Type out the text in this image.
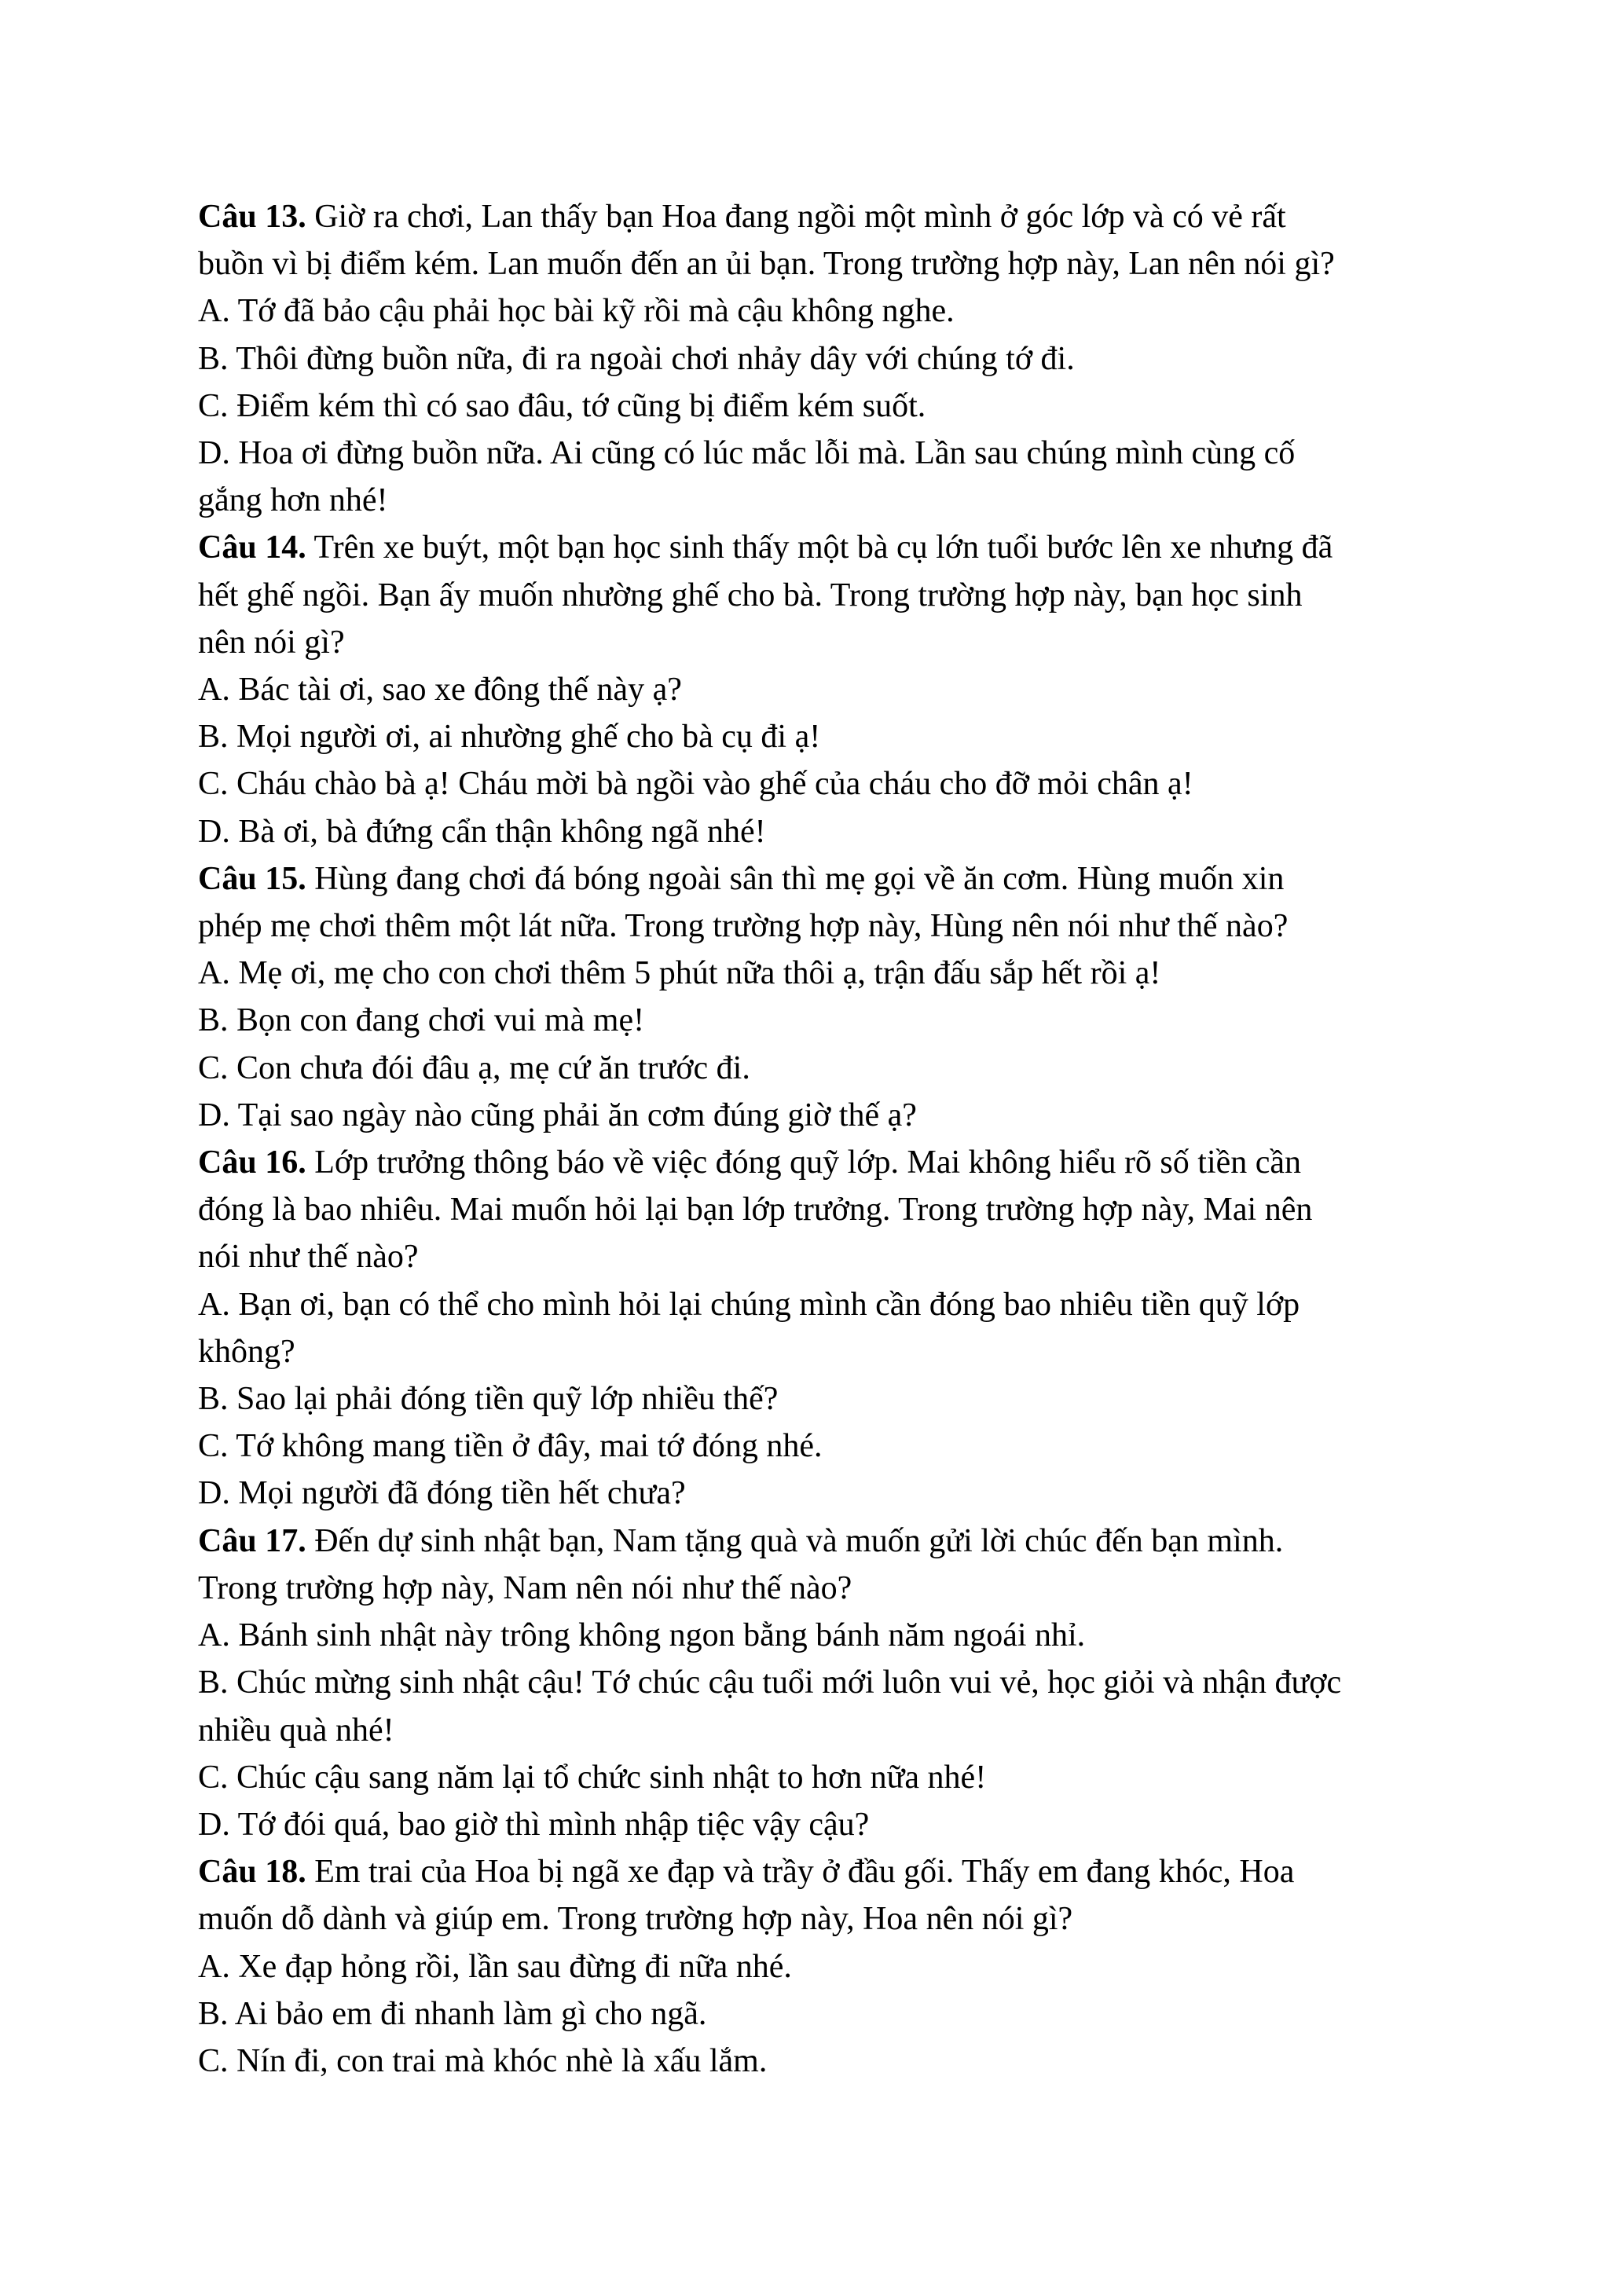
Câu 13. Giờ ra chơi, Lan thấy bạn Hoa đang ngồi một mình ở góc lớp và có vẻ rất
buồn vì bị điểm kém. Lan muốn đến an ủi bạn. Trong trường hợp này, Lan nên nói gì?
A. Tớ đã bảo cậu phải học bài kỹ rồi mà cậu không nghe.
B. Thôi đừng buồn nữa, đi ra ngoài chơi nhảy dây với chúng tớ đi.
C. Điểm kém thì có sao đâu, tớ cũng bị điểm kém suốt.
D. Hoa ơi đừng buồn nữa. Ai cũng có lúc mắc lỗi mà. Lần sau chúng mình cùng cố
gắng hơn nhé!
Câu 14. Trên xe buýt, một bạn học sinh thấy một bà cụ lớn tuổi bước lên xe nhưng đã
hết ghế ngồi. Bạn ấy muốn nhường ghế cho bà. Trong trường hợp này, bạn học sinh
nên nói gì?
A. Bác tài ơi, sao xe đông thế này ạ?
B. Mọi người ơi, ai nhường ghế cho bà cụ đi ạ!
C. Cháu chào bà ạ! Cháu mời bà ngồi vào ghế của cháu cho đỡ mỏi chân ạ!
D. Bà ơi, bà đứng cẩn thận không ngã nhé!
Câu 15. Hùng đang chơi đá bóng ngoài sân thì mẹ gọi về ăn cơm. Hùng muốn xin
phép mẹ chơi thêm một lát nữa. Trong trường hợp này, Hùng nên nói như thế nào?
A. Mẹ ơi, mẹ cho con chơi thêm 5 phút nữa thôi ạ, trận đấu sắp hết rồi ạ!
B. Bọn con đang chơi vui mà mẹ!
C. Con chưa đói đâu ạ, mẹ cứ ăn trước đi.
D. Tại sao ngày nào cũng phải ăn cơm đúng giờ thế ạ?
Câu 16. Lớp trưởng thông báo về việc đóng quỹ lớp. Mai không hiểu rõ số tiền cần
đóng là bao nhiêu. Mai muốn hỏi lại bạn lớp trưởng. Trong trường hợp này, Mai nên
nói như thế nào?
A. Bạn ơi, bạn có thể cho mình hỏi lại chúng mình cần đóng bao nhiêu tiền quỹ lớp
không?
B. Sao lại phải đóng tiền quỹ lớp nhiều thế?
C. Tớ không mang tiền ở đây, mai tớ đóng nhé.
D. Mọi người đã đóng tiền hết chưa?
Câu 17. Đến dự sinh nhật bạn, Nam tặng quà và muốn gửi lời chúc đến bạn mình.
Trong trường hợp này, Nam nên nói như thế nào?
A. Bánh sinh nhật này trông không ngon bằng bánh năm ngoái nhỉ.
B. Chúc mừng sinh nhật cậu! Tớ chúc cậu tuổi mới luôn vui vẻ, học giỏi và nhận được
nhiều quà nhé!
C. Chúc cậu sang năm lại tổ chức sinh nhật to hơn nữa nhé!
D. Tớ đói quá, bao giờ thì mình nhập tiệc vậy cậu?
Câu 18. Em trai của Hoa bị ngã xe đạp và trầy ở đầu gối. Thấy em đang khóc, Hoa
muốn dỗ dành và giúp em. Trong trường hợp này, Hoa nên nói gì?
A. Xe đạp hỏng rồi, lần sau đừng đi nữa nhé.
B. Ai bảo em đi nhanh làm gì cho ngã.
C. Nín đi, con trai mà khóc nhè là xấu lắm.
